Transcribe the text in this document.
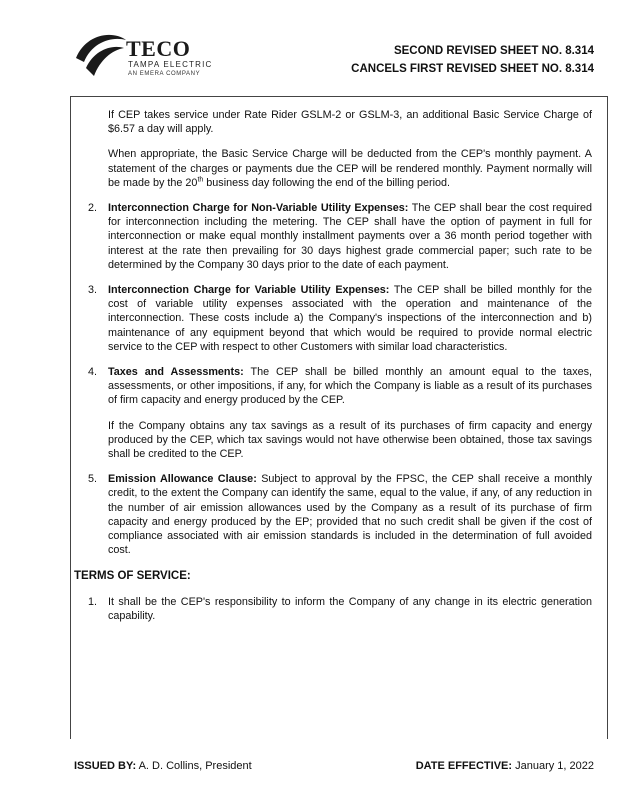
TECO
TAMPA ELECTRIC
AN EMERA COMPANY
SECOND REVISED SHEET NO. 8.314
CANCELS FIRST REVISED SHEET NO. 8.314

If CEP takes service under Rate Rider GSLM-2 or GSLM-3, an additional Basic Service Charge of $6.57 a day will apply.

When appropriate, the Basic Service Charge will be deducted from the CEP's monthly payment. A statement of the charges or payments due the CEP will be rendered monthly. Payment normally will be made by the 20th business day following the end of the billing period.

2. Interconnection Charge for Non-Variable Utility Expenses: The CEP shall bear the cost required for interconnection including the metering. The CEP shall have the option of payment in full for interconnection or make equal monthly installment payments over a 36 month period together with interest at the rate then prevailing for 30 days highest grade commercial paper; such rate to be determined by the Company 30 days prior to the date of each payment.

3. Interconnection Charge for Variable Utility Expenses: The CEP shall be billed monthly for the cost of variable utility expenses associated with the operation and maintenance of the interconnection. These costs include a) the Company's inspections of the interconnection and b) maintenance of any equipment beyond that which would be required to provide normal electric service to the CEP with respect to other Customers with similar load characteristics.

4. Taxes and Assessments: The CEP shall be billed monthly an amount equal to the taxes, assessments, or other impositions, if any, for which the Company is liable as a result of its purchases of firm capacity and energy produced by the CEP.

If the Company obtains any tax savings as a result of its purchases of firm capacity and energy produced by the CEP, which tax savings would not have otherwise been obtained, those tax savings shall be credited to the CEP.

5. Emission Allowance Clause: Subject to approval by the FPSC, the CEP shall receive a monthly credit, to the extent the Company can identify the same, equal to the value, if any, of any reduction in the number of air emission allowances used by the Company as a result of its purchase of firm capacity and energy produced by the EP; provided that no such credit shall be given if the cost of compliance associated with air emission standards is included in the determination of full avoided cost.

TERMS OF SERVICE:
1. It shall be the CEP's responsibility to inform the Company of any change in its electric generation capability.

ISSUED BY: A. D. Collins, President	DATE EFFECTIVE: January 1, 2022
